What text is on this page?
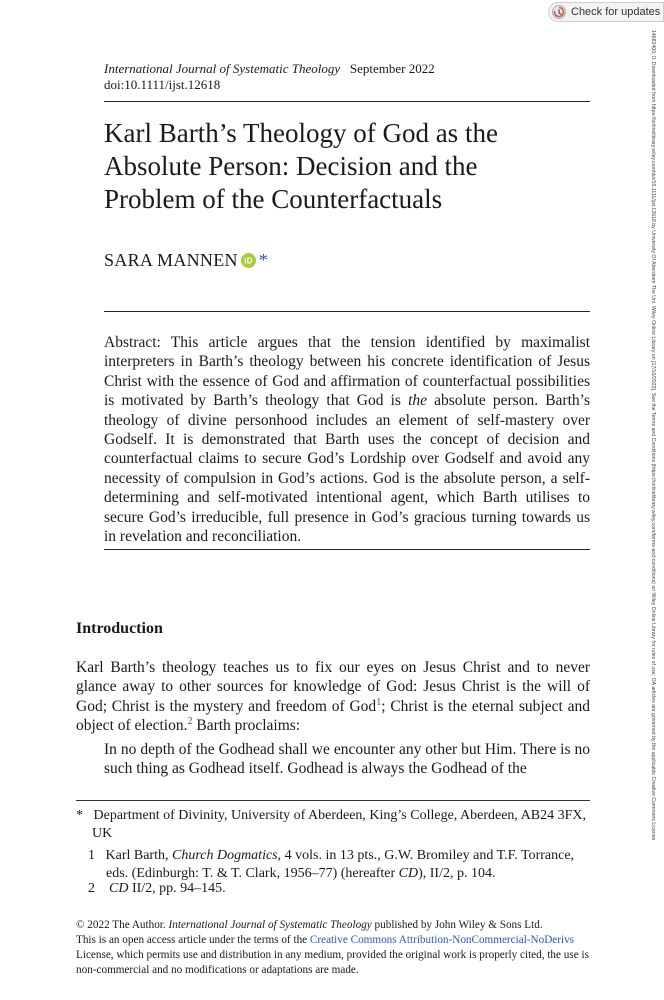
Check for updates
14682400, 0, Downloaded from https://onlinelibrary.wiley.com/doi/10.1111/ijst.12618 by University Of Aberdeen The Uni, Wiley Online Library on [17/10/2022]. See the Terms and Conditions (https://onlinelibrary.wiley.com/terms-and-conditions) on Wiley Online Library for rules of use; OA articles are governed by the applicable Creative Commons License
International Journal of Systematic Theology September 2022
doi:10.1111/ijst.12618
Karl Barth’s Theology of God as the Absolute Person: Decision and the Problem of the Counterfactuals
SARA MANNEN iD *

Abstract: This article argues that the tension identified by maximalist interpreters in Barth’s theology between his concrete identification of Jesus Christ with the essence of God and affirmation of counterfactual possibilities is motivated by Barth’s theology that God is the absolute person. Barth’s theology of divine personhood includes an element of self-mastery over Godself. It is demonstrated that Barth uses the concept of decision and counterfactual claims to secure God’s Lordship over Godself and avoid any necessity of compulsion in God’s actions. God is the absolute person, a self-determining and self-motivated intentional agent, which Barth utilises to secure God’s irreducible, full presence in God’s gracious turning towards us in revelation and reconciliation.

Introduction

Karl Barth’s theology teaches us to fix our eyes on Jesus Christ and to never glance away to other sources for knowledge of God: Jesus Christ is the will of God; Christ is the mystery and freedom of God$^1$; Christ is the eternal subject and object of election.$^2$ Barth proclaims:

In no depth of the Godhead shall we encounter any other but Him. There is no such thing as Godhead itself. Godhead is always the Godhead of the

* Department of Divinity, University of Aberdeen, King’s College, Aberdeen, AB24 3FX, UK

1 Karl Barth, Church Dogmatics, 4 vols. in 13 pts., G.W. Bromiley and T.F. Torrance, eds. (Edinburgh: T. & T. Clark, 1956–77) (hereafter CD), II/2, p. 104.

2 CD II/2, pp. 94–145.

© 2022 The Author. International Journal of Systematic Theology published by John Wiley & Sons Ltd.
This is an open access article under the terms of the Creative Commons Attribution-NonCommercial-NoDerivs License, which permits use and distribution in any medium, provided the original work is properly cited, the use is non-commercial and no modifications or adaptations are made.
